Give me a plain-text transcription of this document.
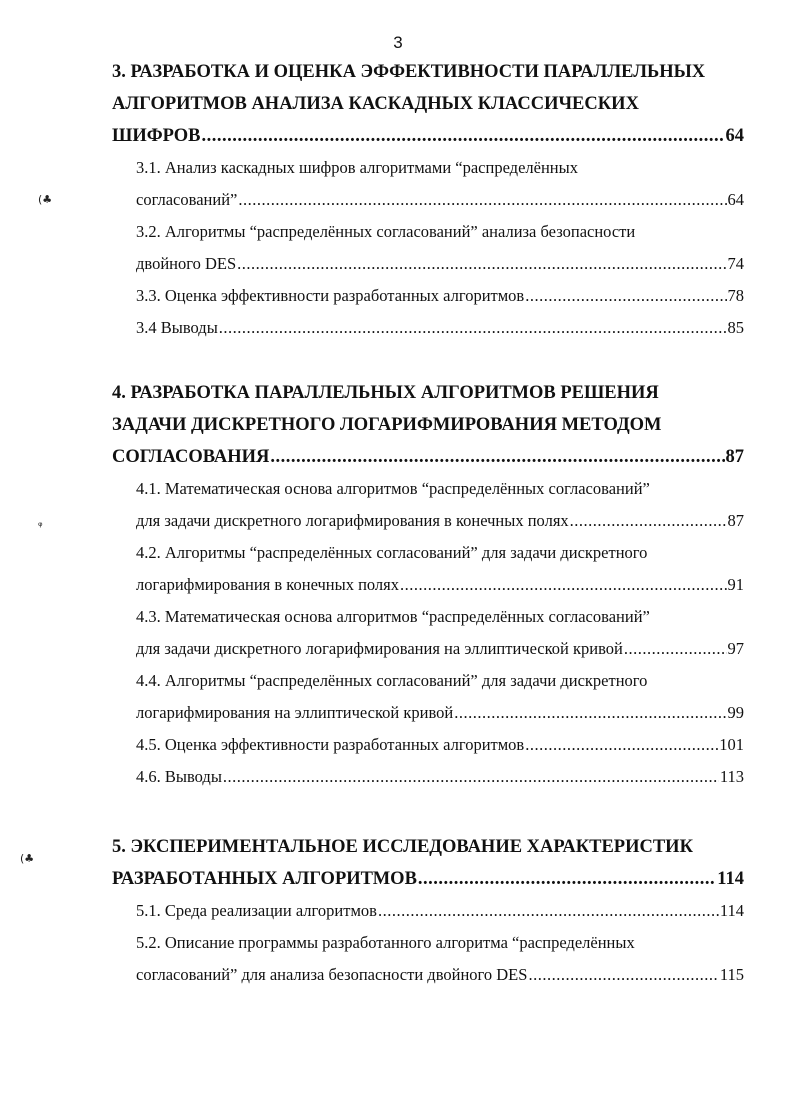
3
(♣
ᵩ
(♣
3. РАЗРАБОТКА И ОЦЕНКА ЭФФЕКТИВНОСТИ ПАРАЛЛЕЛЬНЫХ
АЛГОРИТМОВ АНАЛИЗА КАСКАДНЫХ КЛАССИЧЕСКИХ
ШИФРОВ .....	64
3.1. Анализ каскадных шифров алгоритмами “распределённых
согласований” .....	64
3.2. Алгоритмы “распределённых согласований” анализа безопасности
двойного DES .....	74
3.3. Оценка эффективности разработанных алгоритмов .....	78
3.4 Выводы .....	85
4. РАЗРАБОТКА ПАРАЛЛЕЛЬНЫХ АЛГОРИТМОВ РЕШЕНИЯ
ЗАДАЧИ ДИСКРЕТНОГО ЛОГАРИФМИРОВАНИЯ МЕТОДОМ
СОГЛАСОВАНИЯ .....	87
4.1. Математическая основа алгоритмов “распределённых согласований”
для задачи дискретного логарифмирования в конечных полях .....	87
4.2. Алгоритмы “распределённых согласований” для задачи дискретного
логарифмирования в конечных полях .....	91
4.3. Математическая основа алгоритмов “распределённых согласований”
для задачи дискретного логарифмирования на эллиптической кривой .....	97
4.4. Алгоритмы “распределённых согласований” для задачи дискретного
логарифмирования на эллиптической кривой .....	99
4.5. Оценка эффективности разработанных алгоритмов .....	101
4.6. Выводы .....	113
5. ЭКСПЕРИМЕНТАЛЬНОЕ ИССЛЕДОВАНИЕ ХАРАКТЕРИСТИК
РАЗРАБОТАННЫХ АЛГОРИТМОВ .....	114
5.1. Среда реализации алгоритмов .....	114
5.2. Описание программы разработанного алгоритма “распределённых
согласований” для анализа безопасности двойного DES .....	115
